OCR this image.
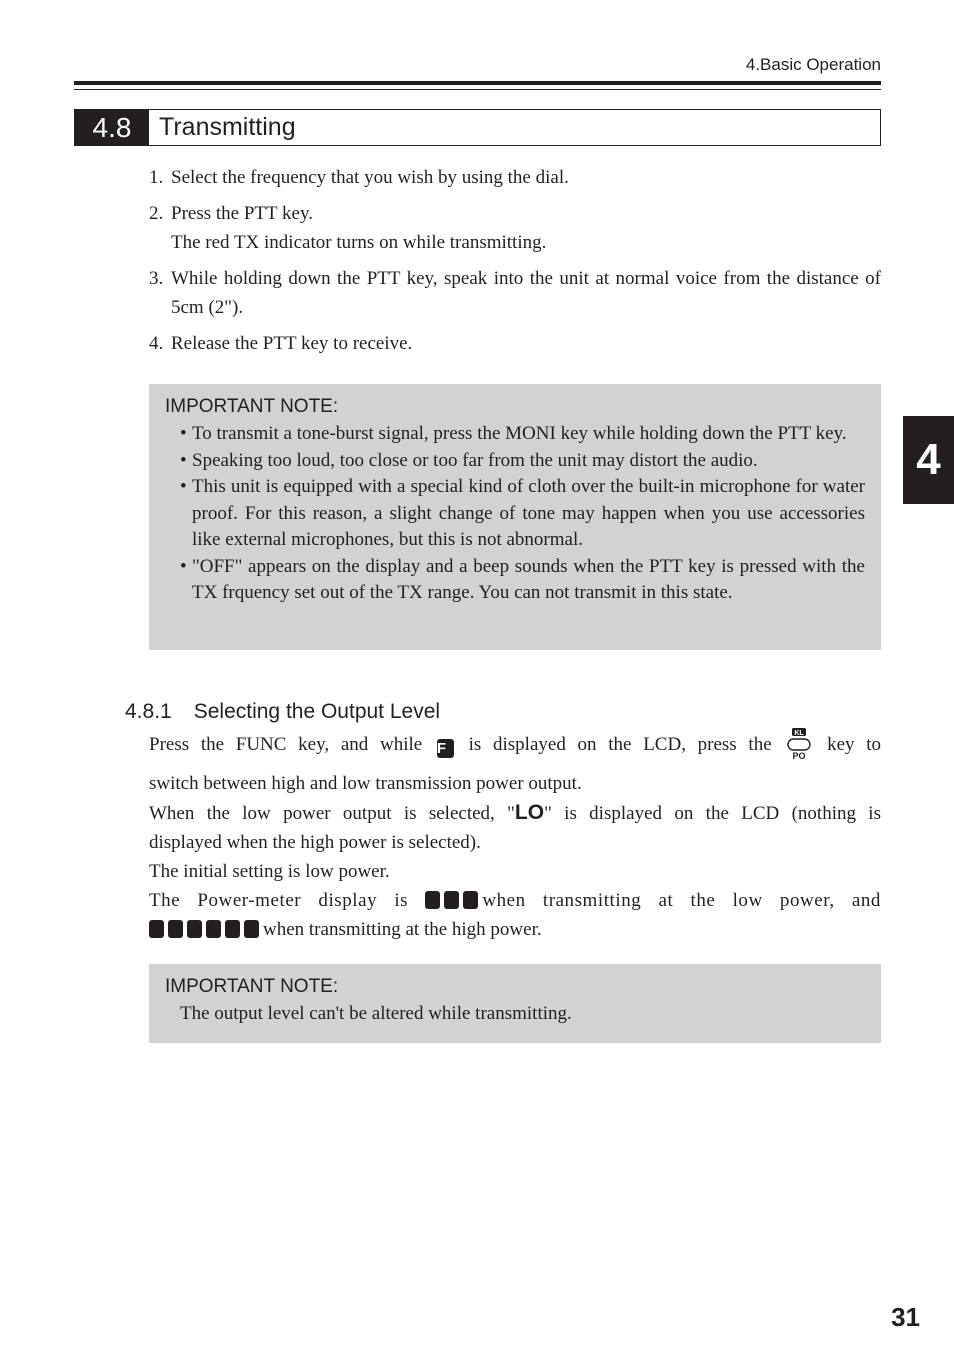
4.Basic Operation
4.8	Transmitting
1. Select the frequency that you wish by using the dial.
2. Press the PTT key.
The red TX indicator turns on while transmitting.
3. While holding down the PTT key, speak into the unit at normal voice from the distance of 5cm (2").
4. Release the PTT key to receive.
IMPORTANT NOTE:
• To transmit a tone-burst signal, press the MONI key while holding down the PTT key.
• Speaking too loud, too close or too far from the unit may distort the audio.
• This unit is equipped with a special kind of cloth over the built-in microphone for water proof. For this reason, a slight change of tone may happen when you use accessories like external microphones, but this is not abnormal.
• "OFF" appears on the display and a beep sounds when the PTT key is pressed with the TX frquency set out of the TX range. You can not transmit in this state.
4.8.1 Selecting the Output Level

Press the FUNC key, and while F is displayed on the LCD, press the
KL
PO
key to

switch between high and low transmission power output.

When the low power output is selected, "LO" is displayed on the LCD (nothing is

displayed when the high power is selected).

The initial setting is low power.

The Power-meter display is	when transmitting at the low power, and

when transmitting at the high power.

IMPORTANT NOTE:
The output level can't be altered while transmitting.
4
31
